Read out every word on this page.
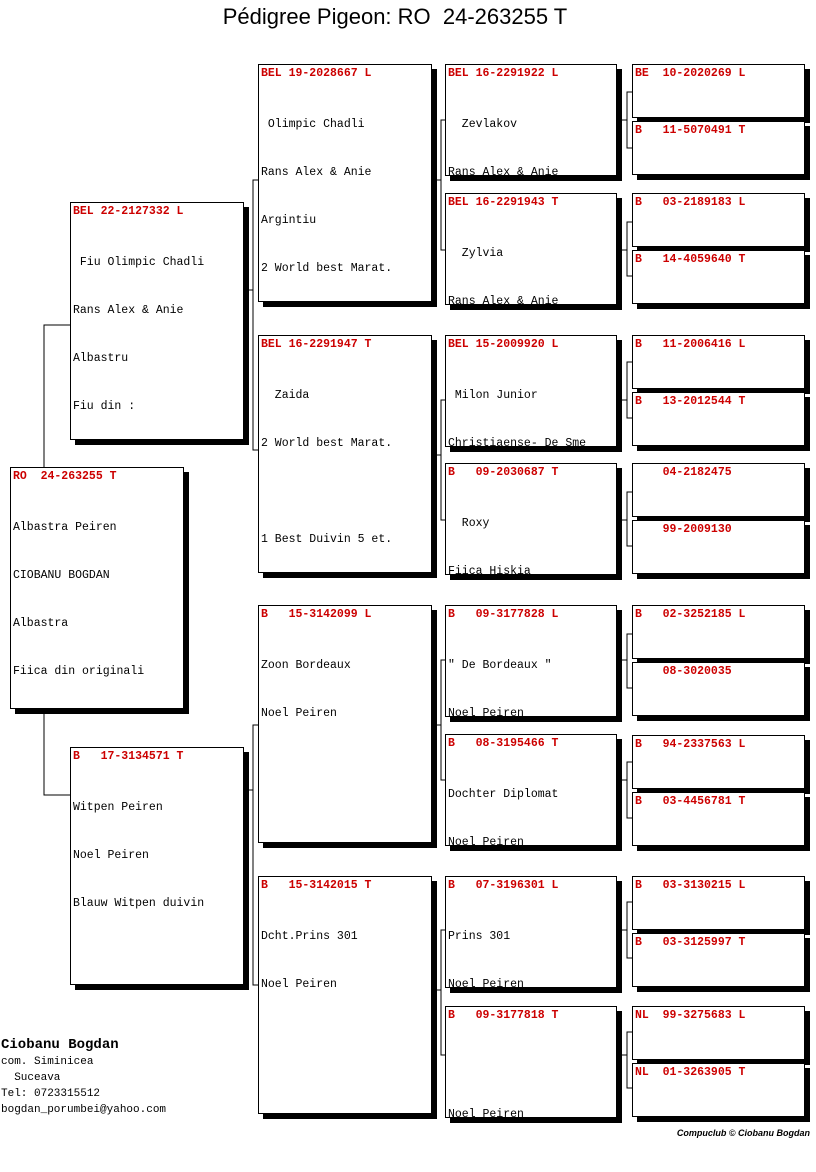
Pédigree Pigeon: RO  24-263255 T
RO  24-263255 T

Albastra Peiren

CIOBANU BOGDAN

Albastra

Fiica din originali

BEL 22-2127332 L

Fiu Olimpic Chadli

Rans Alex & Anie

Albastru

Fiu din :

B   17-3134571 T

Witpen Peiren

Noel Peiren

Blauw Witpen duivin

BEL 19-2028667 L

Olimpic Chadli

Rans Alex & Anie

Argintiu

2 World best Marat.

BEL 16-2291947 T

Zaida

2 World best Marat.

1 Best Duivin 5 et.

B   15-3142099 L

Zoon Bordeaux

Noel Peiren

B   15-3142015 T

Dcht.Prins 301

Noel Peiren

BEL 16-2291922 L

Zevlakov

Rans Alex & Anie

BEL 16-2291943 T

Zylvia

Rans Alex & Anie

BEL 15-2009920 L

Milon Junior

Christiaense- De Sme

B   09-2030687 T

Roxy

Fiica Hiskia

B   09-3177828 L

" De Bordeaux "

Noel Peiren

B   08-3195466 T

Dochter Diplomat

Noel Peiren

B   07-3196301 L

Prins 301

Noel Peiren

B   09-3177818 T

Noel Peiren

BE  10-2020269 L

B   11-5070491 T

B   03-2189183 L

B   14-4059640 T

B   11-2006416 L

B   13-2012544 T

04-2182475
99-2009130
B   02-3252185 L

08-3020035
B   94-2337563 L

B   03-4456781 T

B   03-3130215 L

B   03-3125997 T

NL  99-3275683 L

NL  01-3263905 T

Ciobanu Bogdan
com. Siminicea
Suceava
Tel: 0723315512
bogdan_porumbei@yahoo.com
Compuclub © Ciobanu Bogdan
